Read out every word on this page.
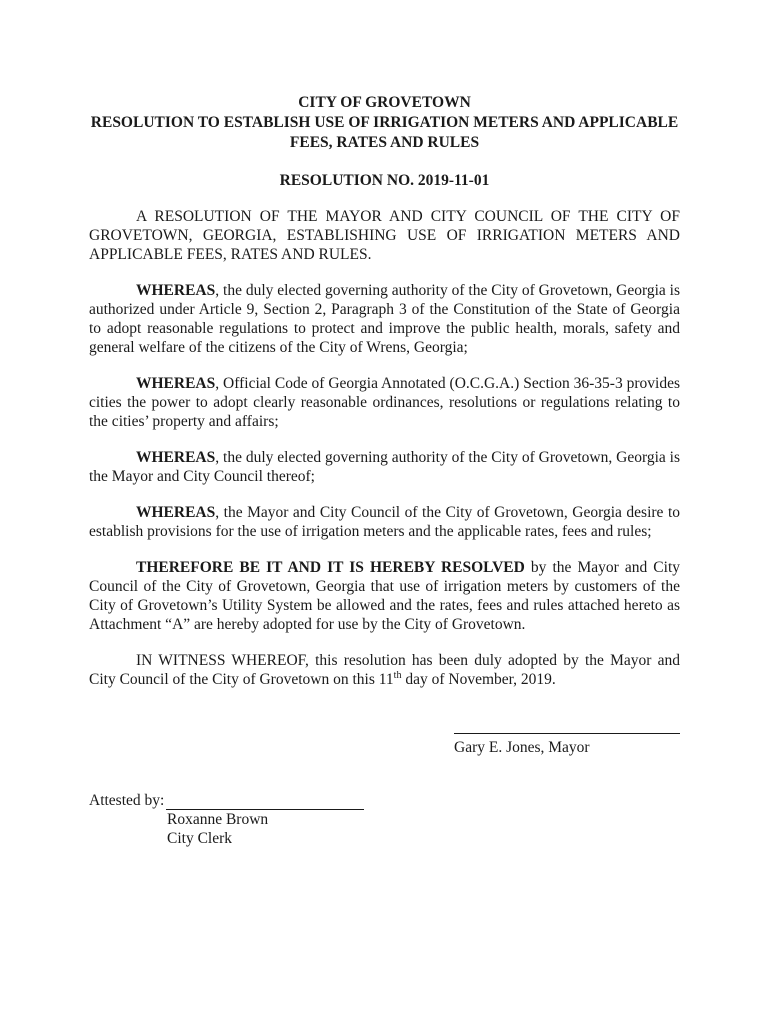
CITY OF GROVETOWN
RESOLUTION TO ESTABLISH USE OF IRRIGATION METERS AND APPLICABLE
FEES, RATES AND RULES
RESOLUTION NO. 2019-11-01

A RESOLUTION OF THE MAYOR AND CITY COUNCIL OF THE CITY OF GROVETOWN, GEORGIA, ESTABLISHING USE OF IRRIGATION METERS AND APPLICABLE FEES, RATES AND RULES.

WHEREAS, the duly elected governing authority of the City of Grovetown, Georgia is authorized under Article 9, Section 2, Paragraph 3 of the Constitution of the State of Georgia to adopt reasonable regulations to protect and improve the public health, morals, safety and general welfare of the citizens of the City of Wrens, Georgia;

WHEREAS, Official Code of Georgia Annotated (O.C.G.A.) Section 36-35-3 provides cities the power to adopt clearly reasonable ordinances, resolutions or regulations relating to the cities’ property and affairs;

WHEREAS, the duly elected governing authority of the City of Grovetown, Georgia is the Mayor and City Council thereof;

WHEREAS, the Mayor and City Council of the City of Grovetown, Georgia desire to establish provisions for the use of irrigation meters and the applicable rates, fees and rules;

THEREFORE BE IT AND IT IS HEREBY RESOLVED by the Mayor and City Council of the City of Grovetown, Georgia that use of irrigation meters by customers of the City of Grovetown’s Utility System be allowed and the rates, fees and rules attached hereto as Attachment “A” are hereby adopted for use by the City of Grovetown.

IN WITNESS WHEREOF, this resolution has been duly adopted by the Mayor and City Council of the City of Grovetown on this 11th day of November, 2019.

Gary E. Jones, Mayor
Attested by:
Roxanne Brown
City Clerk
